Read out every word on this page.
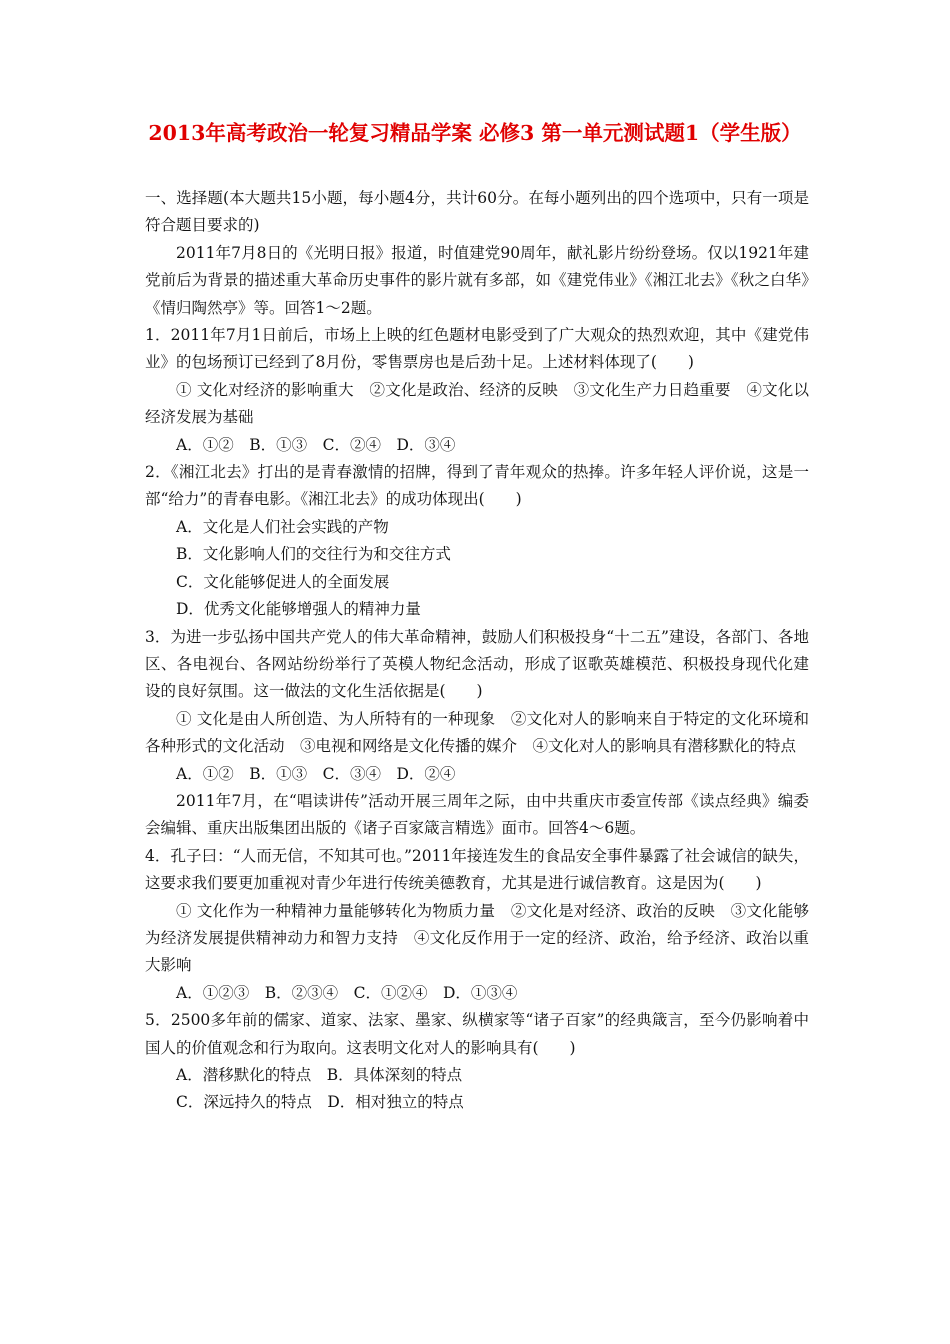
2013年高考政治一轮复习精品学案 必修3 第一单元测试题1（学生版）

一、选择题(本大题共15小题，每小题4分，共计60分。在每小题列出的四个选项中，只有一项是符合题目要求的)

2011年7月8日的《光明日报》报道，时值建党90周年，献礼影片纷纷登场。仅以1921年建党前后为背景的描述重大革命历史事件的影片就有多部，如《建党伟业》《湘江北去》《秋之白华》《情归陶然亭》等。回答1～2题。

1．2011年7月1日前后，市场上上映的红色题材电影受到了广大观众的热烈欢迎，其中《建党伟业》的包场预订已经到了8月份，零售票房也是后劲十足。上述材料体现了(　　)

① 文化对经济的影响重大　②文化是政治、经济的反映　③文化生产力日趋重要　④文化以经济发展为基础

A．①②　B．①③　C．②④　D．③④

2．《湘江北去》打出的是青春激情的招牌，得到了青年观众的热捧。许多年轻人评价说，这是一部“给力”的青春电影。《湘江北去》的成功体现出(　　)

A．文化是人们社会实践的产物

B．文化影响人们的交往行为和交往方式

C．文化能够促进人的全面发展

D．优秀文化能够增强人的精神力量

3．为进一步弘扬中国共产党人的伟大革命精神，鼓励人们积极投身“十二五”建设，各部门、各地区、各电视台、各网站纷纷举行了英模人物纪念活动，形成了讴歌英雄模范、积极投身现代化建设的良好氛围。这一做法的文化生活依据是(　　)

① 文化是由人所创造、为人所特有的一种现象　②文化对人的影响来自于特定的文化环境和各种形式的文化活动　③电视和网络是文化传播的媒介　④文化对人的影响具有潜移默化的特点

A．①②　B．①③　C．③④　D．②④

2011年7月，在“唱读讲传”活动开展三周年之际，由中共重庆市委宣传部《读点经典》编委会编辑、重庆出版集团出版的《诸子百家箴言精选》面市。回答4～6题。

4．孔子曰：“人而无信，不知其可也。”2011年接连发生的食品安全事件暴露了社会诚信的缺失，这要求我们要更加重视对青少年进行传统美德教育，尤其是进行诚信教育。这是因为(　　)

① 文化作为一种精神力量能够转化为物质力量　②文化是对经济、政治的反映　③文化能够为经济发展提供精神动力和智力支持　④文化反作用于一定的经济、政治，给予经济、政治以重大影响

A．①②③　B．②③④　C．①②④　D．①③④

5．2500多年前的儒家、道家、法家、墨家、纵横家等“诸子百家”的经典箴言，至今仍影响着中国人的价值观念和行为取向。这表明文化对人的影响具有(　　)

A．潜移默化的特点　B．具体深刻的特点

C．深远持久的特点　D．相对独立的特点
